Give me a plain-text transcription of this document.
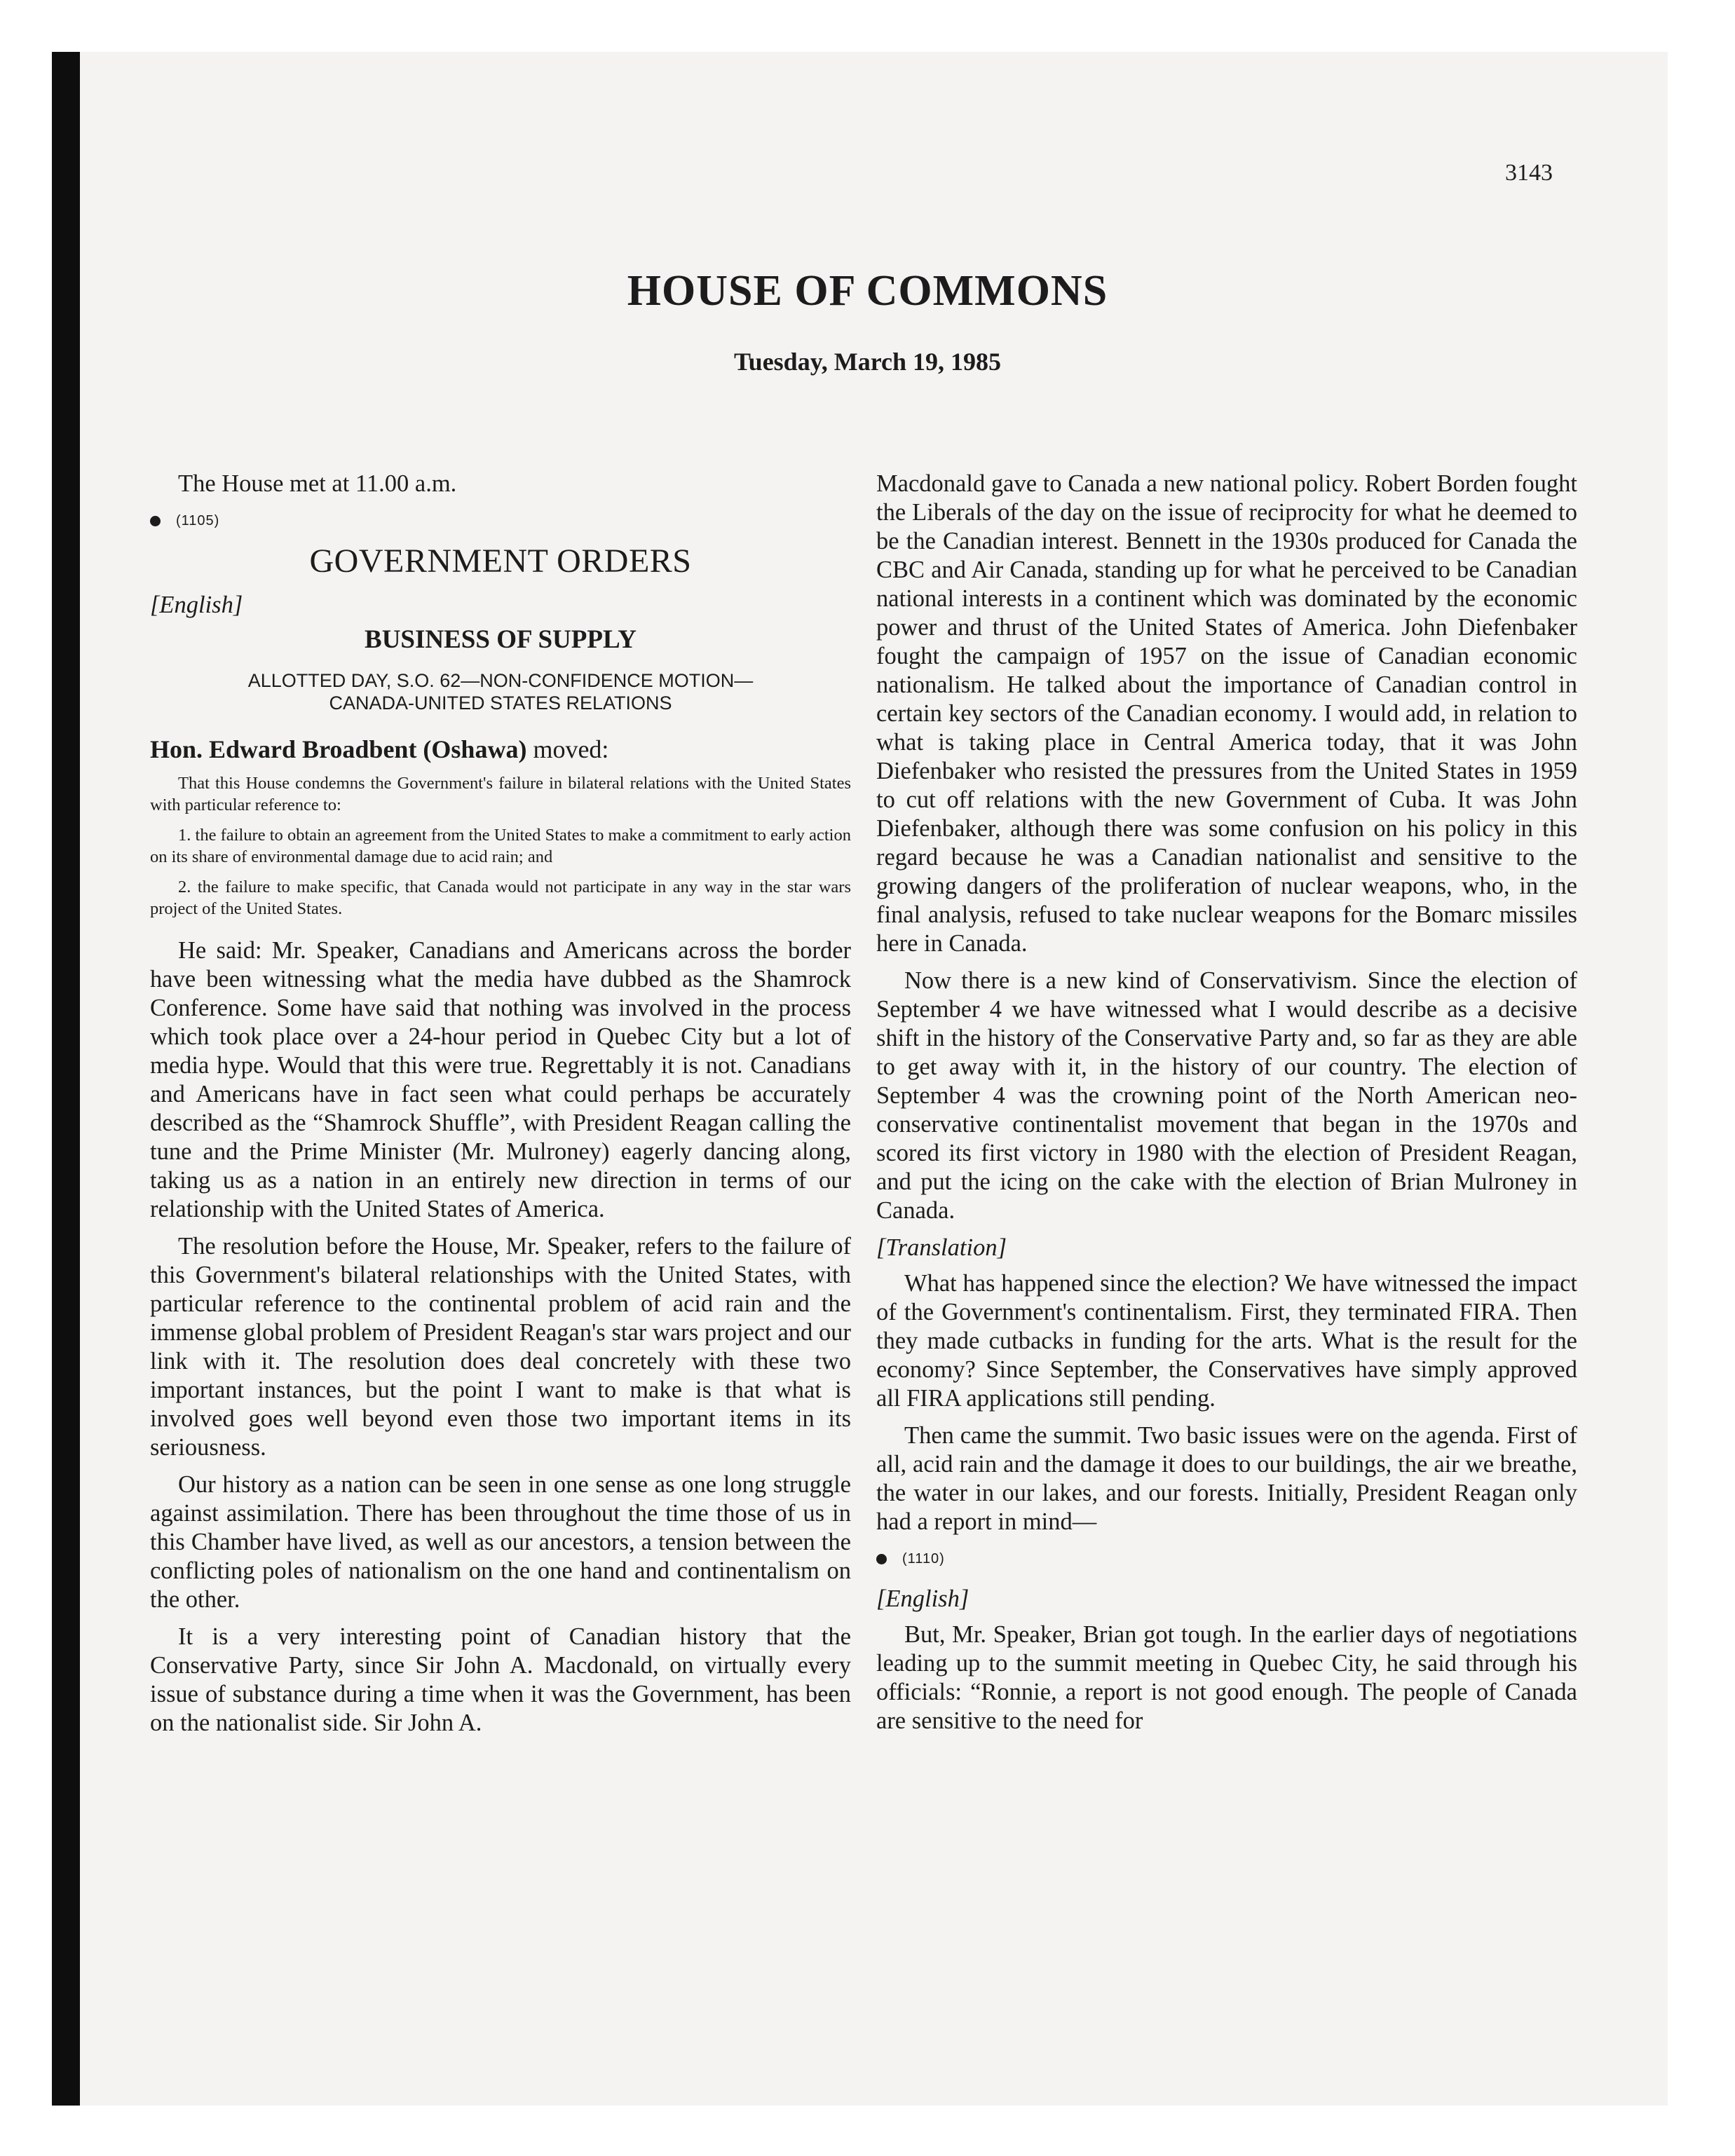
3143
HOUSE OF COMMONS
Tuesday, March 19, 1985

The House met at 11.00 a.m.

(1105)
GOVERNMENT ORDERS
[English]
BUSINESS OF SUPPLY
ALLOTTED DAY, S.O. 62—NON-CONFIDENCE MOTION—
CANADA-UNITED STATES RELATIONS
Hon. Edward Broadbent (Oshawa) moved:

That this House condemns the Government's failure in bilateral relations with the United States with particular reference to:

1. the failure to obtain an agreement from the United States to make a commitment to early action on its share of environmental damage due to acid rain; and

2. the failure to make specific, that Canada would not participate in any way in the star wars project of the United States.

He said: Mr. Speaker, Canadians and Americans across the border have been witnessing what the media have dubbed as the Shamrock Conference. Some have said that nothing was involved in the process which took place over a 24-hour period in Quebec City but a lot of media hype. Would that this were true. Regrettably it is not. Canadians and Americans have in fact seen what could perhaps be accurately described as the “Shamrock Shuffle”, with President Reagan calling the tune and the Prime Minister (Mr. Mulroney) eagerly dancing along, taking us as a nation in an entirely new direction in terms of our relationship with the United States of America.

The resolution before the House, Mr. Speaker, refers to the failure of this Government's bilateral relationships with the United States, with particular reference to the continental problem of acid rain and the immense global problem of President Reagan's star wars project and our link with it. The resolution does deal concretely with these two important instances, but the point I want to make is that what is involved goes well beyond even those two important items in its seriousness.

Our history as a nation can be seen in one sense as one long struggle against assimilation. There has been throughout the time those of us in this Chamber have lived, as well as our ancestors, a tension between the conflicting poles of nationalism on the one hand and continentalism on the other.

It is a very interesting point of Canadian history that the Conservative Party, since Sir John A. Macdonald, on virtually every issue of substance during a time when it was the Government, has been on the nationalist side. Sir John A.

Macdonald gave to Canada a new national policy. Robert Borden fought the Liberals of the day on the issue of reciprocity for what he deemed to be the Canadian interest. Bennett in the 1930s produced for Canada the CBC and Air Canada, standing up for what he perceived to be Canadian national interests in a continent which was dominated by the economic power and thrust of the United States of America. John Diefenbaker fought the campaign of 1957 on the issue of Canadian economic nationalism. He talked about the importance of Canadian control in certain key sectors of the Canadian economy. I would add, in relation to what is taking place in Central America today, that it was John Diefenbaker who resisted the pressures from the United States in 1959 to cut off relations with the new Government of Cuba. It was John Diefenbaker, although there was some confusion on his policy in this regard because he was a Canadian nationalist and sensitive to the growing dangers of the proliferation of nuclear weapons, who, in the final analysis, refused to take nuclear weapons for the Bomarc missiles here in Canada.

Now there is a new kind of Conservativism. Since the election of September 4 we have witnessed what I would describe as a decisive shift in the history of the Conservative Party and, so far as they are able to get away with it, in the history of our country. The election of September 4 was the crowning point of the North American neo-conservative continentalist movement that began in the 1970s and scored its first victory in 1980 with the election of President Reagan, and put the icing on the cake with the election of Brian Mulroney in Canada.

[Translation]

What has happened since the election? We have witnessed the impact of the Government's continentalism. First, they terminated FIRA. Then they made cutbacks in funding for the arts. What is the result for the economy? Since September, the Conservatives have simply approved all FIRA applications still pending.

Then came the summit. Two basic issues were on the agenda. First of all, acid rain and the damage it does to our buildings, the air we breathe, the water in our lakes, and our forests. Initially, President Reagan only had a report in mind—

(1110)
[English]

But, Mr. Speaker, Brian got tough. In the earlier days of negotiations leading up to the summit meeting in Quebec City, he said through his officials: “Ronnie, a report is not good enough. The people of Canada are sensitive to the need for
